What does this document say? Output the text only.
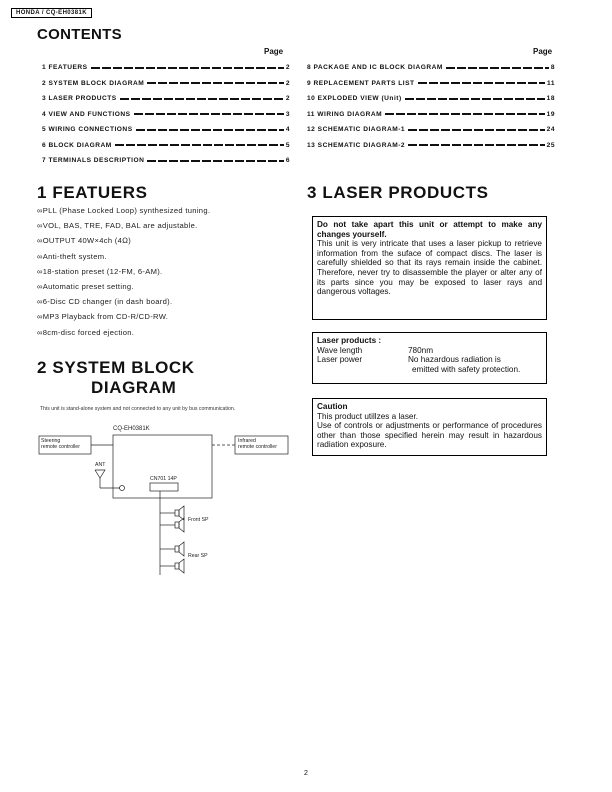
HONDA / CQ-EH0381K
CONTENTS
Page	Page
1 FEATUERS	2
2 SYSTEM BLOCK DIAGRAM	2
3 LASER PRODUCTS	2
4 VIEW AND FUNCTIONS	3
5 WIRING CONNECTIONS	4
6 BLOCK DIAGRAM	5
7 TERMINALS DESCRIPTION	6
8 PACKAGE AND IC BLOCK DIAGRAM	8
9 REPLACEMENT PARTS LIST	11
10 EXPLODED VIEW (Unit)	18
11 WIRING DIAGRAM	19
12 SCHEMATIC DIAGRAM-1	24
13 SCHEMATIC DIAGRAM-2	25
1 FEATUERS
∞PLL (Phase Locked Loop) synthesized tuning.
∞VOL, BAS, TRE, FAD, BAL are adjustable.
∞OUTPUT 40W×4ch (4Ω)
∞Anti-theft system.
∞18-station preset (12-FM, 6-AM).
∞Automatic preset setting.
∞6-Disc CD changer (in dash board).
∞MP3 Playback from CD-R/CD-RW.
∞8cm-disc forced ejection.
2 SYSTEM BLOCK
DIAGRAM
This unit is stand-alone system and not connected to any unit by bus communication.
CQ-EH0381K
Steering
remote controller
Infrared
remote controller
ANT
CN701 14P
Front SP
Rear SP
3 LASER PRODUCTS
Do not take apart this unit or attempt to make any changes yourself.
This unit is very intricate that uses a laser pickup to retrieve information from the suface of compact discs. The laser is carefully shielded so that its rays remain inside the cabinet. Therefore, never try to disassemble the player or alter any of its parts since you may be exposed to laser rays and dangerous voltages.
Laser products :
Wave length	780nm
Laser power	No hazardous radiation is
emitted with safety protection.
Caution
This product utillzes a laser.
Use of controls or adjustments or performance of procedures other than those specified herein may result in hazardous radiation exposure.
2
